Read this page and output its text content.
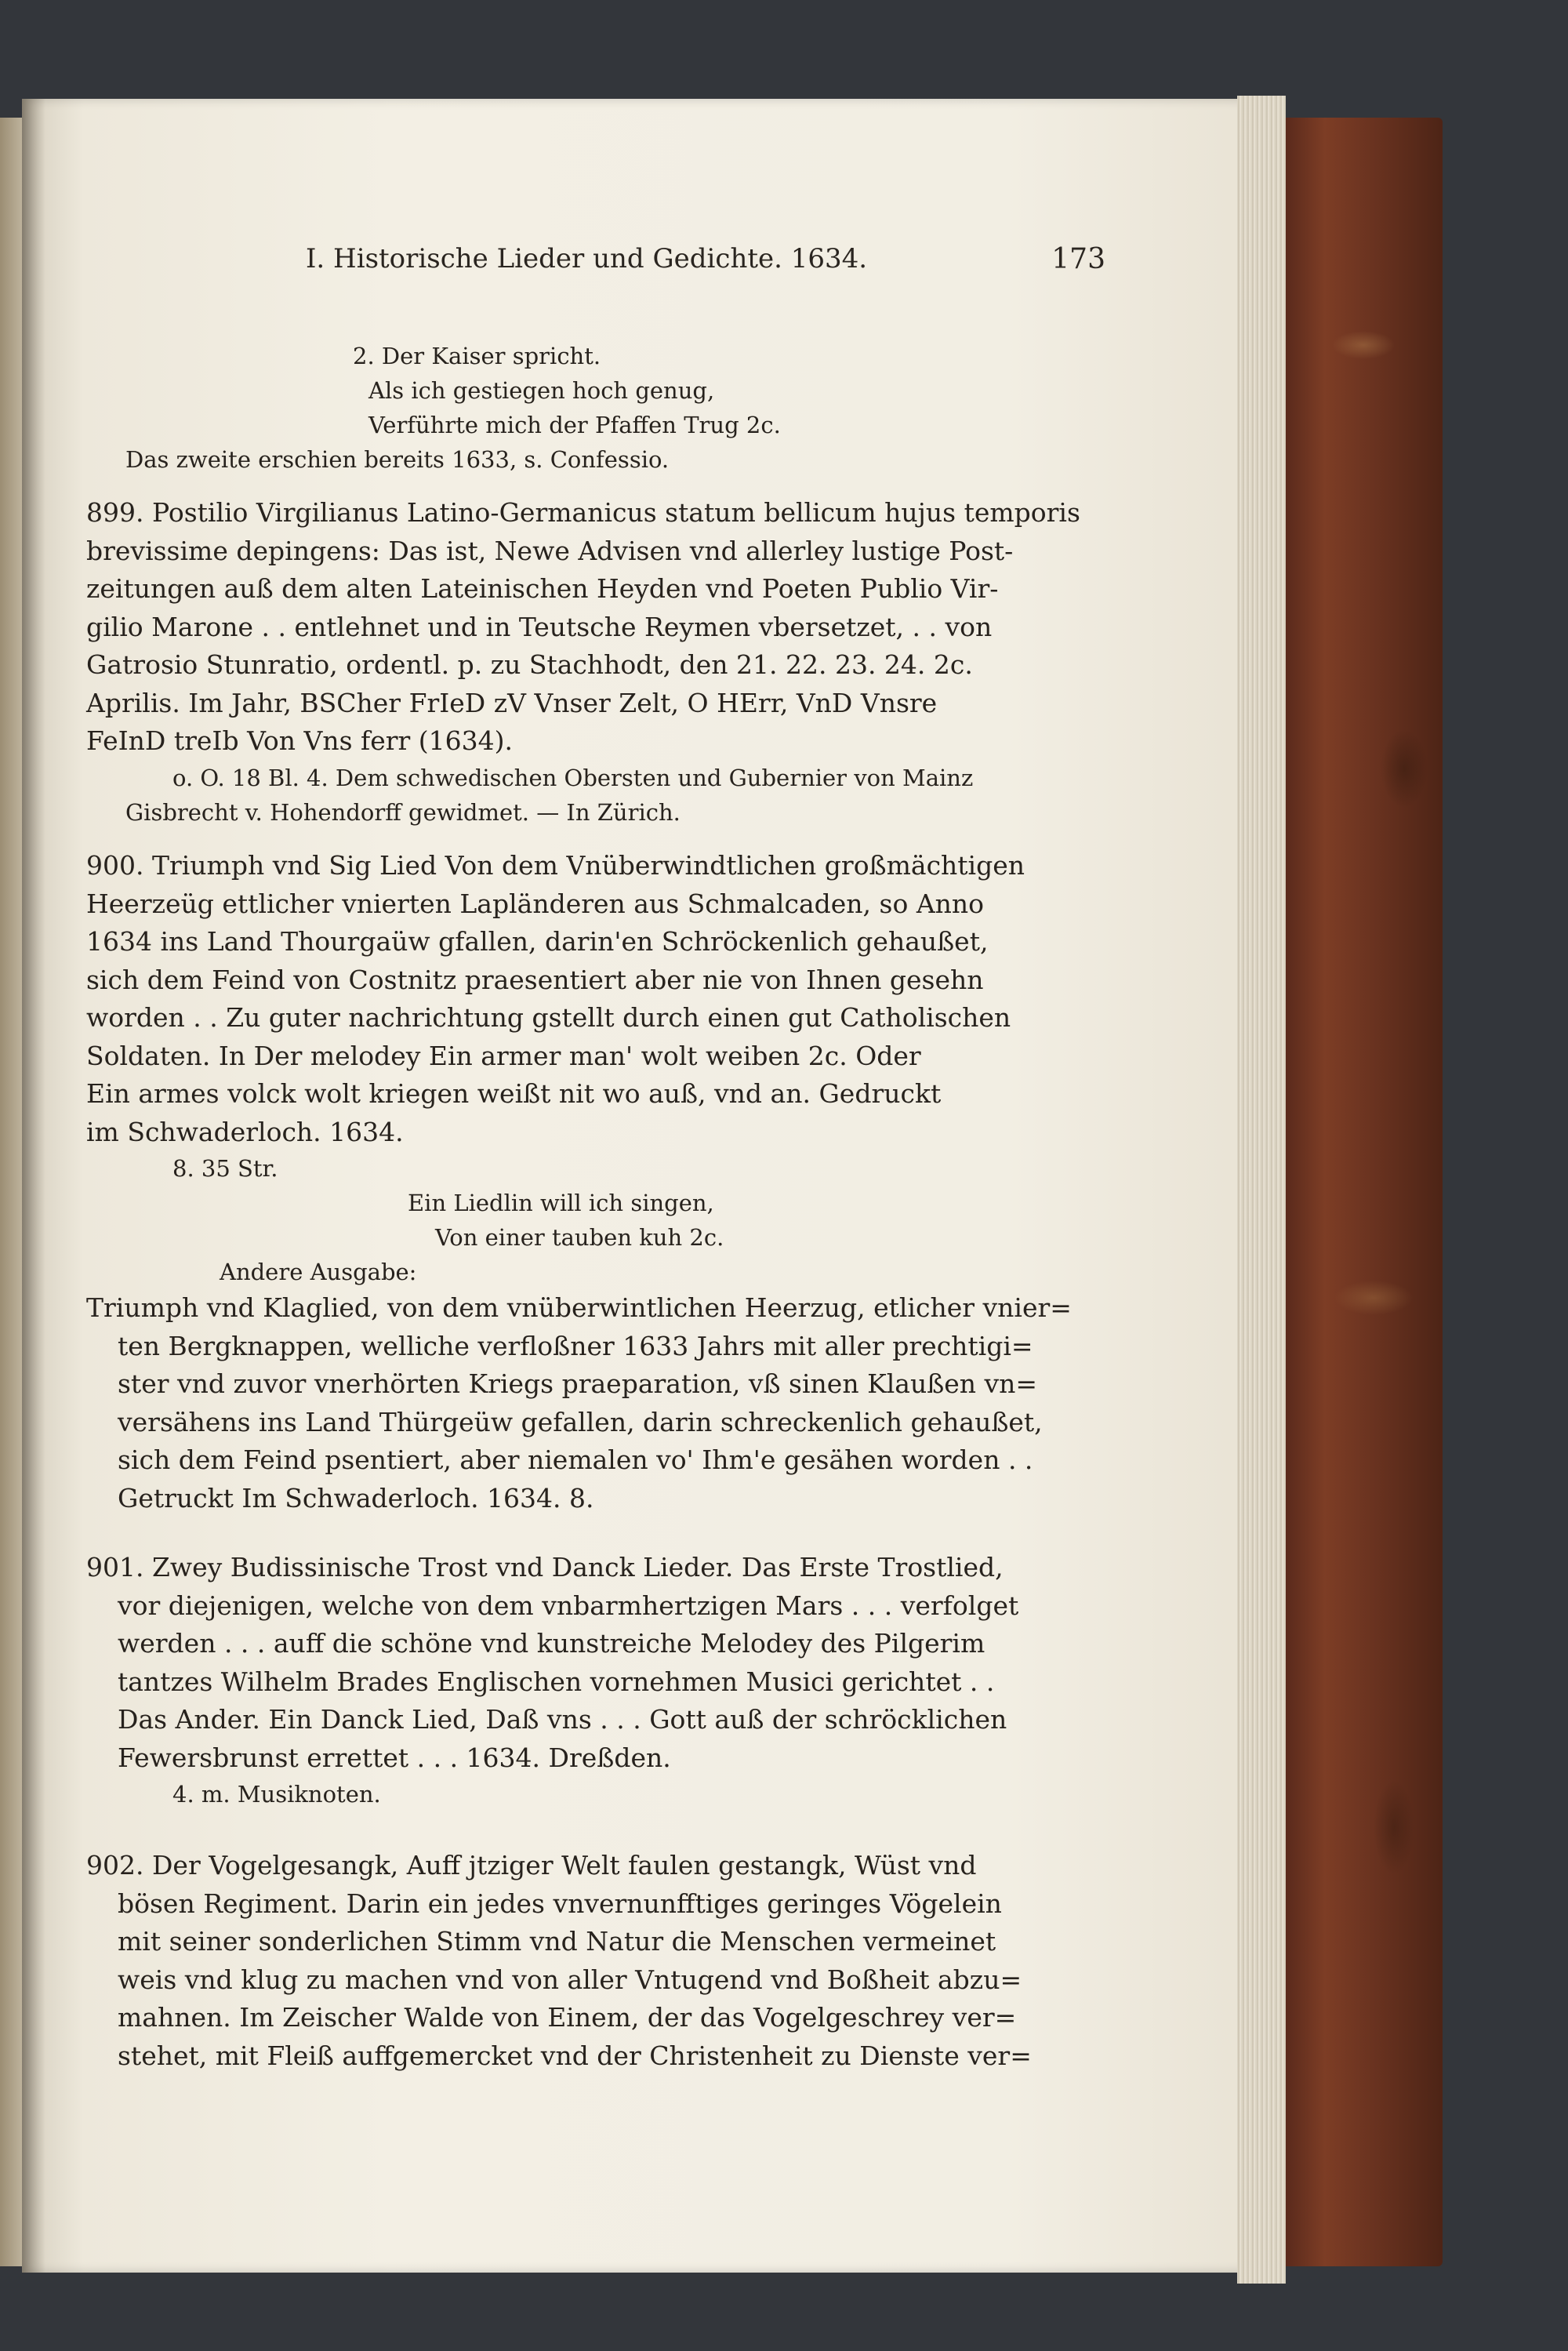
I. Historische Lieder und Gedichte. 1634.	173
2. Der Kaiser spricht.
Als ich gestiegen hoch genug,
Verführte mich der Pfaffen Trug 2c.
Das zweite erschien bereits 1633, s. Confessio.
899. Postilio Virgilianus Latino-Germanicus statum bellicum hujus temporis
brevissime depingens: Das ist, Newe Advisen vnd allerley lustige Post-
zeitungen auß dem alten Lateinischen Heyden vnd Poeten Publio Vir-
gilio Marone . . entlehnet und in Teutsche Reymen vbersetzet, . . von
Gatrosio Stunratio, ordentl. p. zu Stachhodt, den 21. 22. 23. 24. 2c.
Aprilis. Im Jahr, BSCher FrIeD zV Vnser Zelt, O HErr, VnD Vnsre
FeInD treIb Von Vns ferr (1634).
o. O. 18 Bl. 4. Dem schwedischen Obersten und Gubernier von Mainz
Gisbrecht v. Hohendorff gewidmet. — In Zürich.
900. Triumph vnd Sig Lied Von dem Vnüberwindtlichen großmächtigen
Heerzeüg ettlicher vnierten Lapländeren aus Schmalcaden, so Anno
1634 ins Land Thourgaüw gfallen, darin'en Schröckenlich gehaußet,
sich dem Feind von Costnitz praesentiert aber nie von Ihnen gesehn
worden . . Zu guter nachrichtung gstellt durch einen gut Catholischen
Soldaten. In Der melodey Ein armer man' wolt weiben 2c. Oder
Ein armes volck wolt kriegen weißt nit wo auß, vnd an. Gedruckt
im Schwaderloch. 1634.
8. 35 Str.
Ein Liedlin will ich singen,
Von einer tauben kuh 2c.
Andere Ausgabe:
Triumph vnd Klaglied, von dem vnüberwintlichen Heerzug, etlicher vnier=
ten Bergknappen, welliche verfloßner 1633 Jahrs mit aller prechtigi=
ster vnd zuvor vnerhörten Kriegs praeparation, vß sinen Klaußen vn=
versähens ins Land Thürgeüw gefallen, darin schreckenlich gehaußet,
sich dem Feind psentiert, aber niemalen vo' Ihm'e gesähen worden . .
Getruckt Im Schwaderloch. 1634. 8.
901. Zwey Budissinische Trost vnd Danck Lieder. Das Erste Trostlied,
vor diejenigen, welche von dem vnbarmhertzigen Mars . . . verfolget
werden . . . auff die schöne vnd kunstreiche Melodey des Pilgerim
tantzes Wilhelm Brades Englischen vornehmen Musici gerichtet . .
Das Ander. Ein Danck Lied, Daß vns . . . Gott auß der schröcklichen
Fewersbrunst errettet . . . 1634. Dreßden.
4. m. Musiknoten.
902. Der Vogelgesangk, Auff jtziger Welt faulen gestangk, Wüst vnd
bösen Regiment. Darin ein jedes vnvernunfftiges geringes Vögelein
mit seiner sonderlichen Stimm vnd Natur die Menschen vermeinet
weis vnd klug zu machen vnd von aller Vntugend vnd Boßheit abzu=
mahnen. Im Zeischer Walde von Einem, der das Vogelgeschrey ver=
stehet, mit Fleiß auffgemercket vnd der Christenheit zu Dienste ver=
